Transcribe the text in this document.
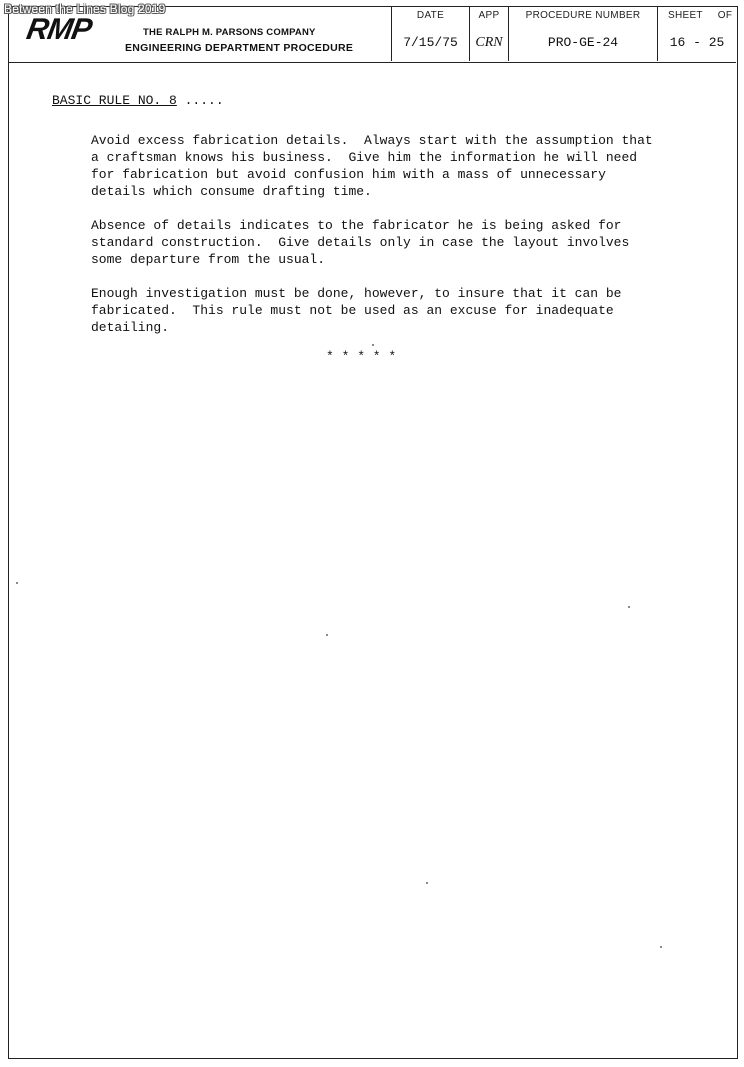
Between the Lines Blog 2019
RMP	THE RALPH M. PARSONS COMPANY
ENGINEERING DEPARTMENT PROCEDURE
DATE
7/15/75
APP
CRN
PROCEDURE NUMBER
PRO-GE-24
SHEET OF
16 - 25
BASIC RULE NO. 8 .....
Avoid excess fabrication details.  Always start with the assumption that
a craftsman knows his business.  Give him the information he will need
for fabrication but avoid confusion him with a mass of unnecessary
details which consume drafting time.
Absence of details indicates to the fabricator he is being asked for
standard construction.  Give details only in case the layout involves
some departure from the usual.
Enough investigation must be done, however, to insure that it can be
fabricated.  This rule must not be used as an excuse for inadequate
detailing.
* * * * *
